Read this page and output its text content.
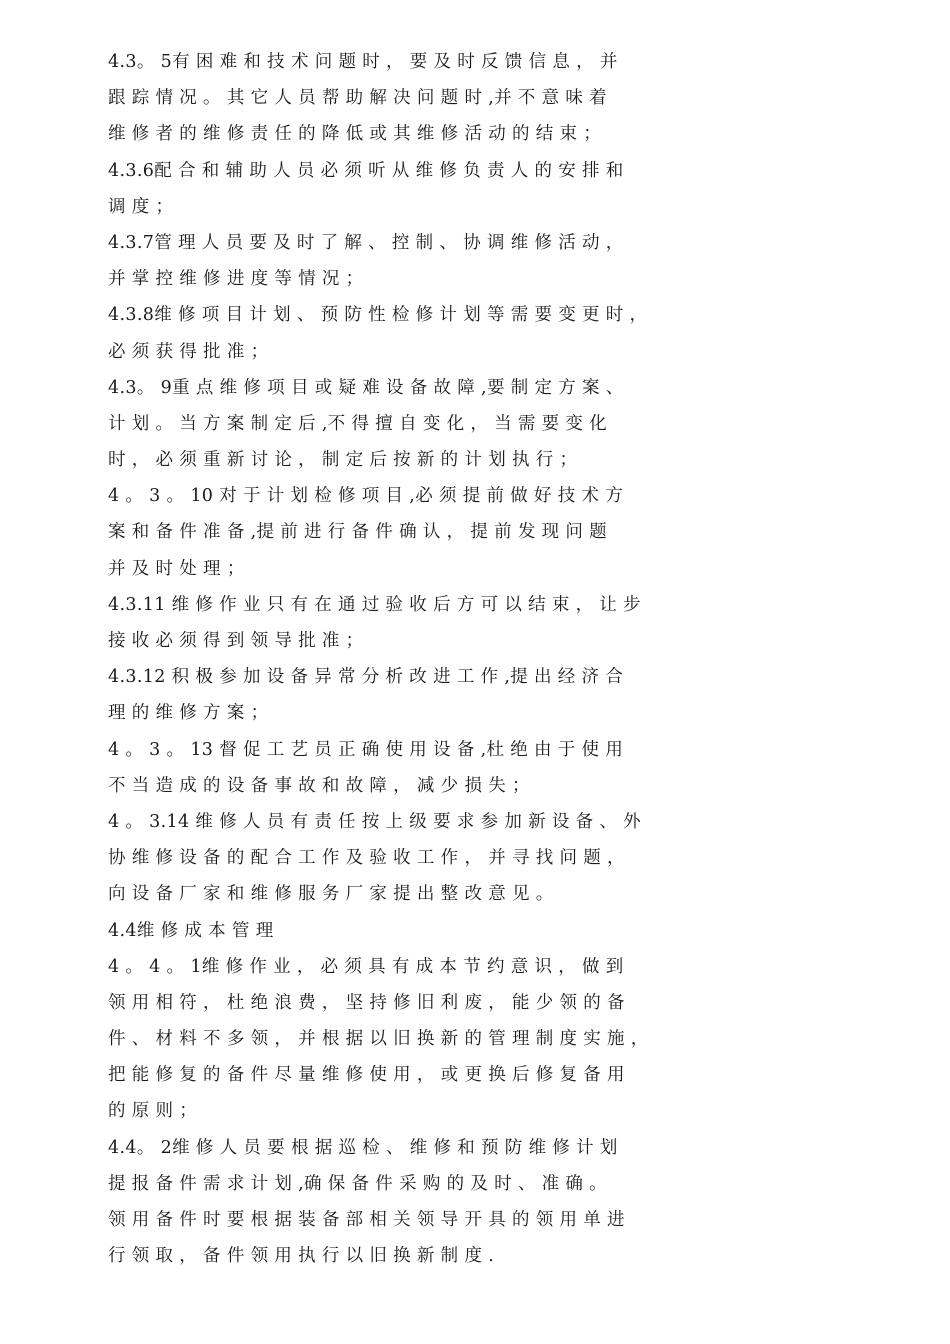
4.3。 5有 困 难 和 技 术 问 题 时 ， 要 及 时 反 馈 信 息 ， 并
跟 踪 情 况 。 其 它 人 员 帮 助 解 决 问 题 时 ,并 不 意 味 着
维 修 者 的 维 修 责 任 的 降 低 或 其 维 修 活 动 的 结 束 ；
4.3.6配 合 和 辅 助 人 员 必 须 听 从 维 修 负 责 人 的 安 排 和
调 度 ；
4.3.7管 理 人 员 要 及 时 了 解 、 控 制 、 协 调 维 修 活 动 ，
并 掌 控 维 修 进 度 等 情 况 ；
4.3.8维 修 项 目 计 划 、 预 防 性 检 修 计 划 等 需 要 变 更 时 ，
必 须 获 得 批 准 ；
4.3。 9重 点 维 修 项 目 或 疑 难 设 备 故 障 ,要 制 定 方 案 、
计 划 。 当 方 案 制 定 后 ,不 得 擅 自 变 化 ， 当 需 要 变 化
时 ， 必 须 重 新 讨 论 ， 制 定 后 按 新 的 计 划 执 行 ；
4 。 3 。 10 对 于 计 划 检 修 项 目 ,必 须 提 前 做 好 技 术 方
案 和 备 件 准 备 ,提 前 进 行 备 件 确 认 ， 提 前 发 现 问 题
并 及 时 处 理 ；
4.3.11 维 修 作 业 只 有 在 通 过 验 收 后 方 可 以 结 束 ， 让 步
接 收 必 须 得 到 领 导 批 准 ；
4.3.12 积 极 参 加 设 备 异 常 分 析 改 进 工 作 ,提 出 经 济 合
理 的 维 修 方 案 ；
4 。 3 。 13 督 促 工 艺 员 正 确 使 用 设 备 ,杜 绝 由 于 使 用
不 当 造 成 的 设 备 事 故 和 故 障 ， 减 少 损 失 ；
4 。 3.14 维 修 人 员 有 责 任 按 上 级 要 求 参 加 新 设 备 、 外
协 维 修 设 备 的 配 合 工 作 及 验 收 工 作 ， 并 寻 找 问 题 ，
向 设 备 厂 家 和 维 修 服 务 厂 家 提 出 整 改 意 见 。
4.4维 修 成 本 管 理
4 。 4 。 1维 修 作 业 ， 必 须 具 有 成 本 节 约 意 识 ， 做 到
领 用 相 符 ， 杜 绝 浪 费 ， 坚 持 修 旧 利 废 ， 能 少 领 的 备
件 、 材 料 不 多 领 ， 并 根 据 以 旧 换 新 的 管 理 制 度 实 施 ，
把 能 修 复 的 备 件 尽 量 维 修 使 用 ， 或 更 换 后 修 复 备 用
的 原 则 ；
4.4。 2维 修 人 员 要 根 据 巡 检 、 维 修 和 预 防 维 修 计 划
提 报 备 件 需 求 计 划 ,确 保 备 件 采 购 的 及 时 、 准 确 。
领 用 备 件 时 要 根 据 装 备 部 相 关 领 导 开 具 的 领 用 单 进
行 领 取 ， 备 件 领 用 执 行 以 旧 换 新 制 度 .
